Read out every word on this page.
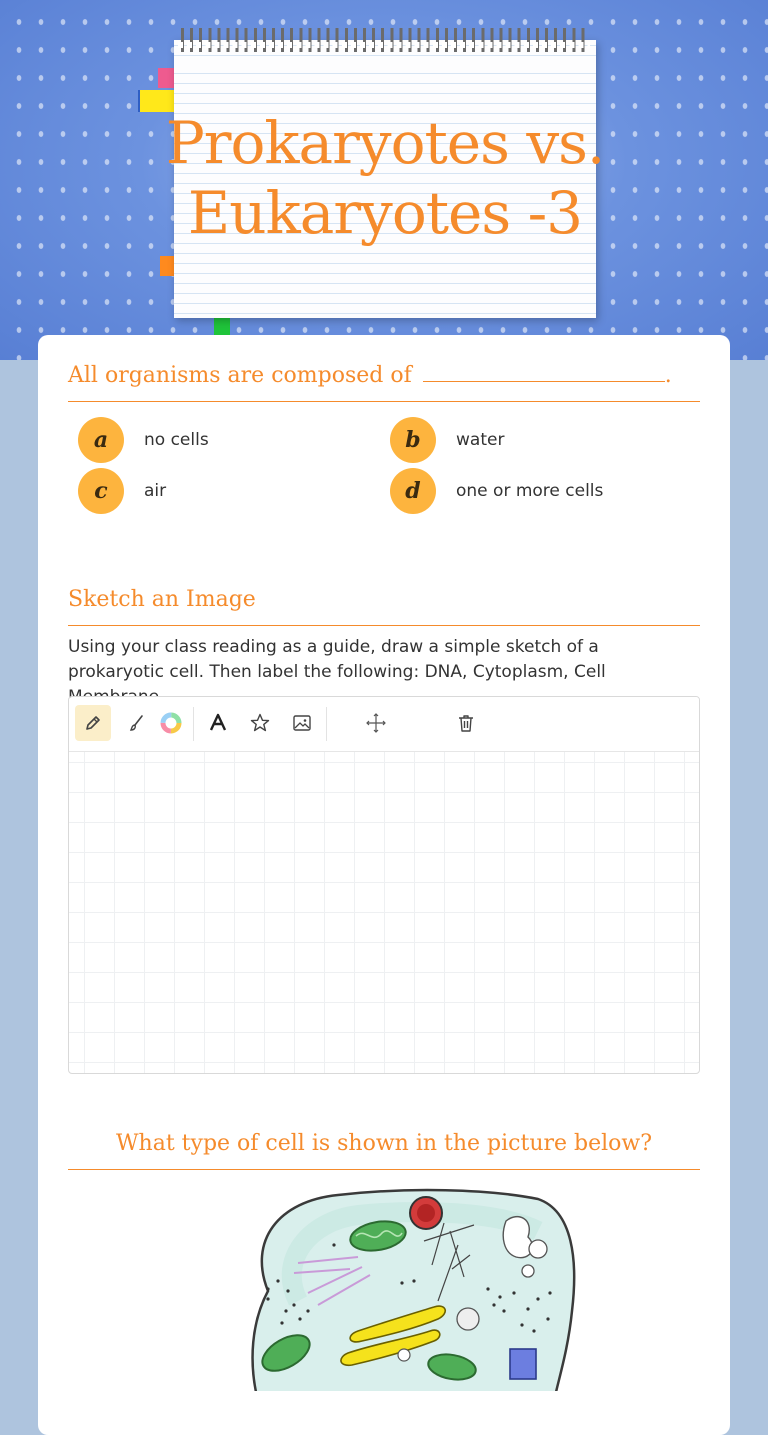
Prokaryotes vs. Eukaryotes -3

All organisms are composed of	.

a	no cells	b	water
c	air	d	one or more cells
Sketch an Image
Using your class reading as a guide, draw a simple sketch of a prokaryotic cell. Then label the following: DNA, Cytoplasm, Cell
What type of cell is shown in the picture below?
